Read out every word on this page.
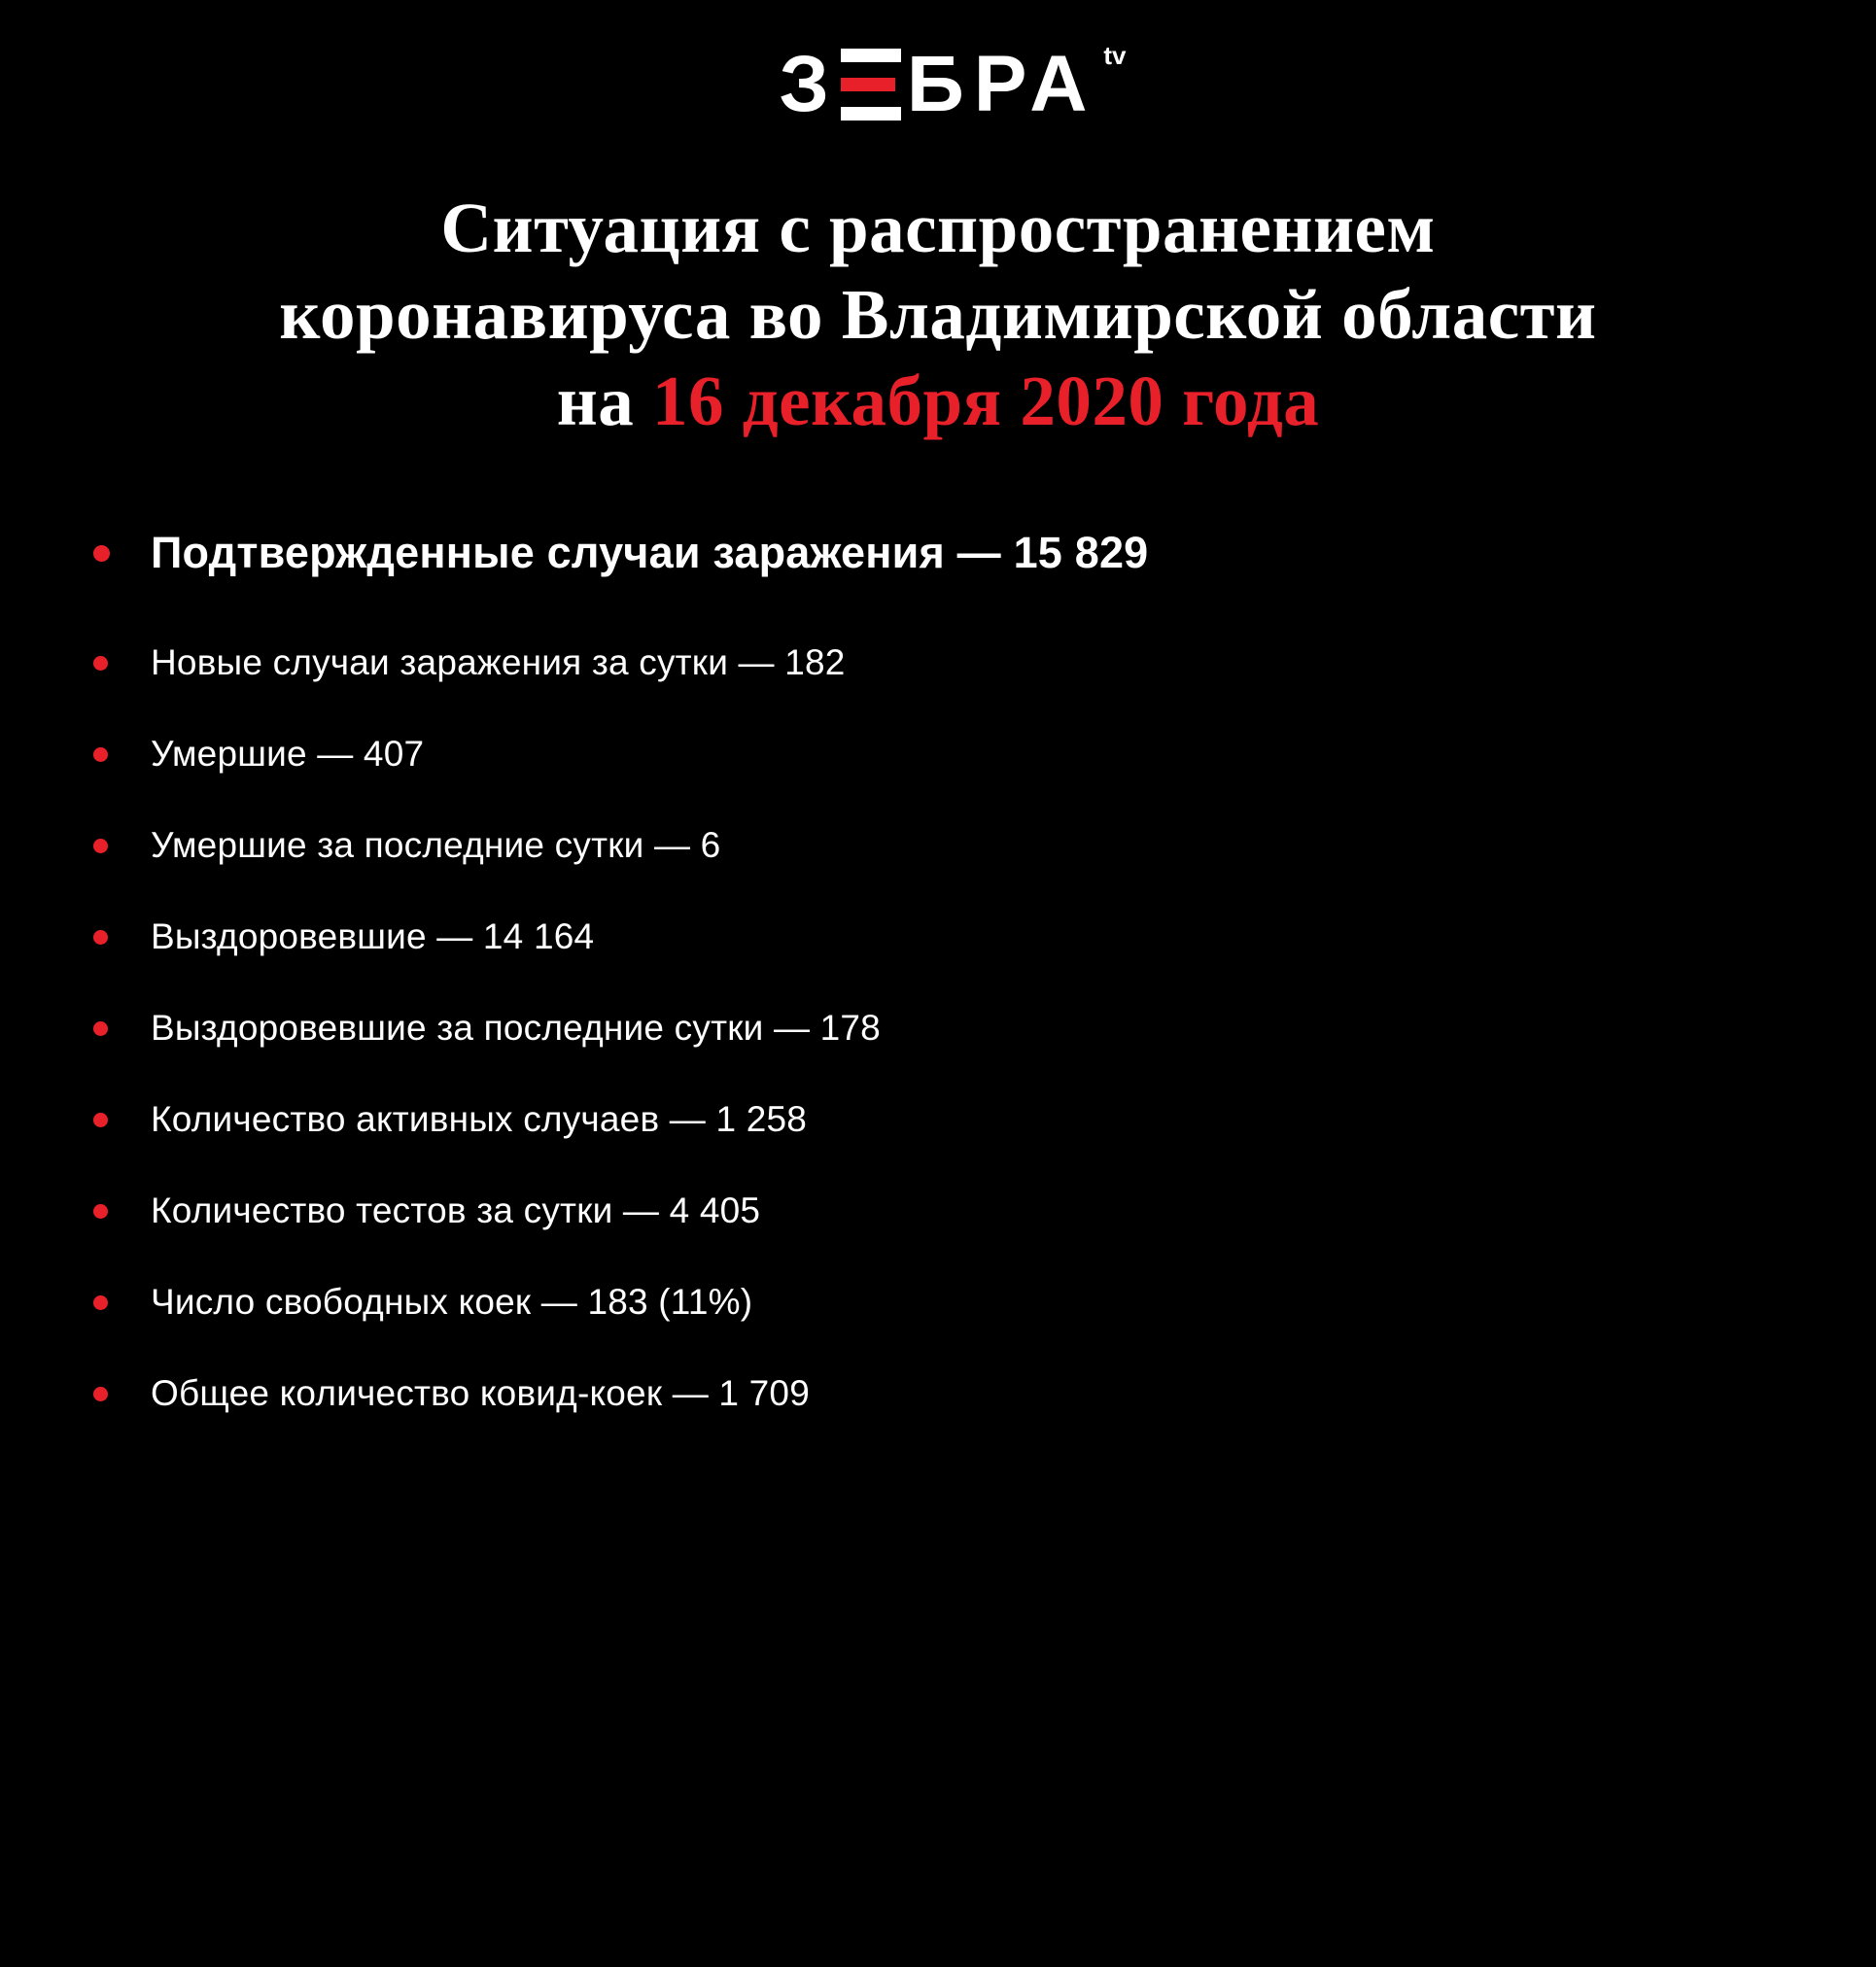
З БРА tv
Ситуация с распространением
коронавируса во Владимирской области
на 16 декабря 2020 года
Подтвержденные случаи заражения — 15 829
Новые случаи заражения за сутки — 182
Умершие — 407
Умершие за последние сутки — 6
Выздоровевшие — 14 164
Выздоровевшие за последние сутки — 178
Количество активных случаев — 1 258
Количество тестов за сутки — 4 405
Число свободных коек — 183 (11%)
Общее количество ковид-коек — 1 709
